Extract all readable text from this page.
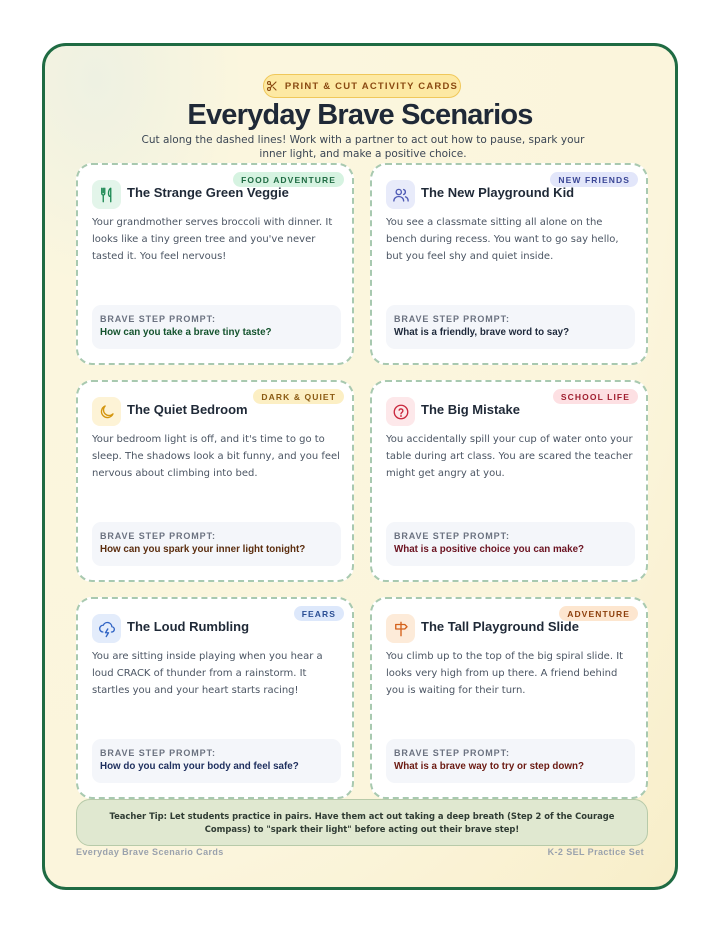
PRINT & CUT ACTIVITY CARDS
Everyday Brave Scenarios
Cut along the dashed lines! Work with a partner to act out how to pause, spark your inner light, and make a positive choice.
FOOD ADVENTURE
The Strange Green Veggie
Your grandmother serves broccoli with dinner. It looks like a tiny green tree and you've never tasted it. You feel nervous!
BRAVE STEP PROMPT:
How can you take a brave tiny taste?
NEW FRIENDS
The New Playground Kid
You see a classmate sitting all alone on the bench during recess. You want to go say hello, but you feel shy and quiet inside.
BRAVE STEP PROMPT:
What is a friendly, brave word to say?
DARK & QUIET
The Quiet Bedroom
Your bedroom light is off, and it's time to go to sleep. The shadows look a bit funny, and you feel nervous about climbing into bed.
BRAVE STEP PROMPT:
How can you spark your inner light tonight?
SCHOOL LIFE
The Big Mistake
You accidentally spill your cup of water onto your table during art class. You are scared the teacher might get angry at you.
BRAVE STEP PROMPT:
What is a positive choice you can make?
FEARS
The Loud Rumbling
You are sitting inside playing when you hear a loud CRACK of thunder from a rainstorm. It startles you and your heart starts racing!
BRAVE STEP PROMPT:
How do you calm your body and feel safe?
ADVENTURE
The Tall Playground Slide
You climb up to the top of the big spiral slide. It looks very high from up there. A friend behind you is waiting for their turn.
BRAVE STEP PROMPT:
What is a brave way to try or step down?
Teacher Tip: Let students practice in pairs. Have them act out taking a deep breath (Step 2 of the Courage Compass) to "spark their light" before acting out their brave step!
Everyday Brave Scenario Cards	K-2 SEL Practice Set
